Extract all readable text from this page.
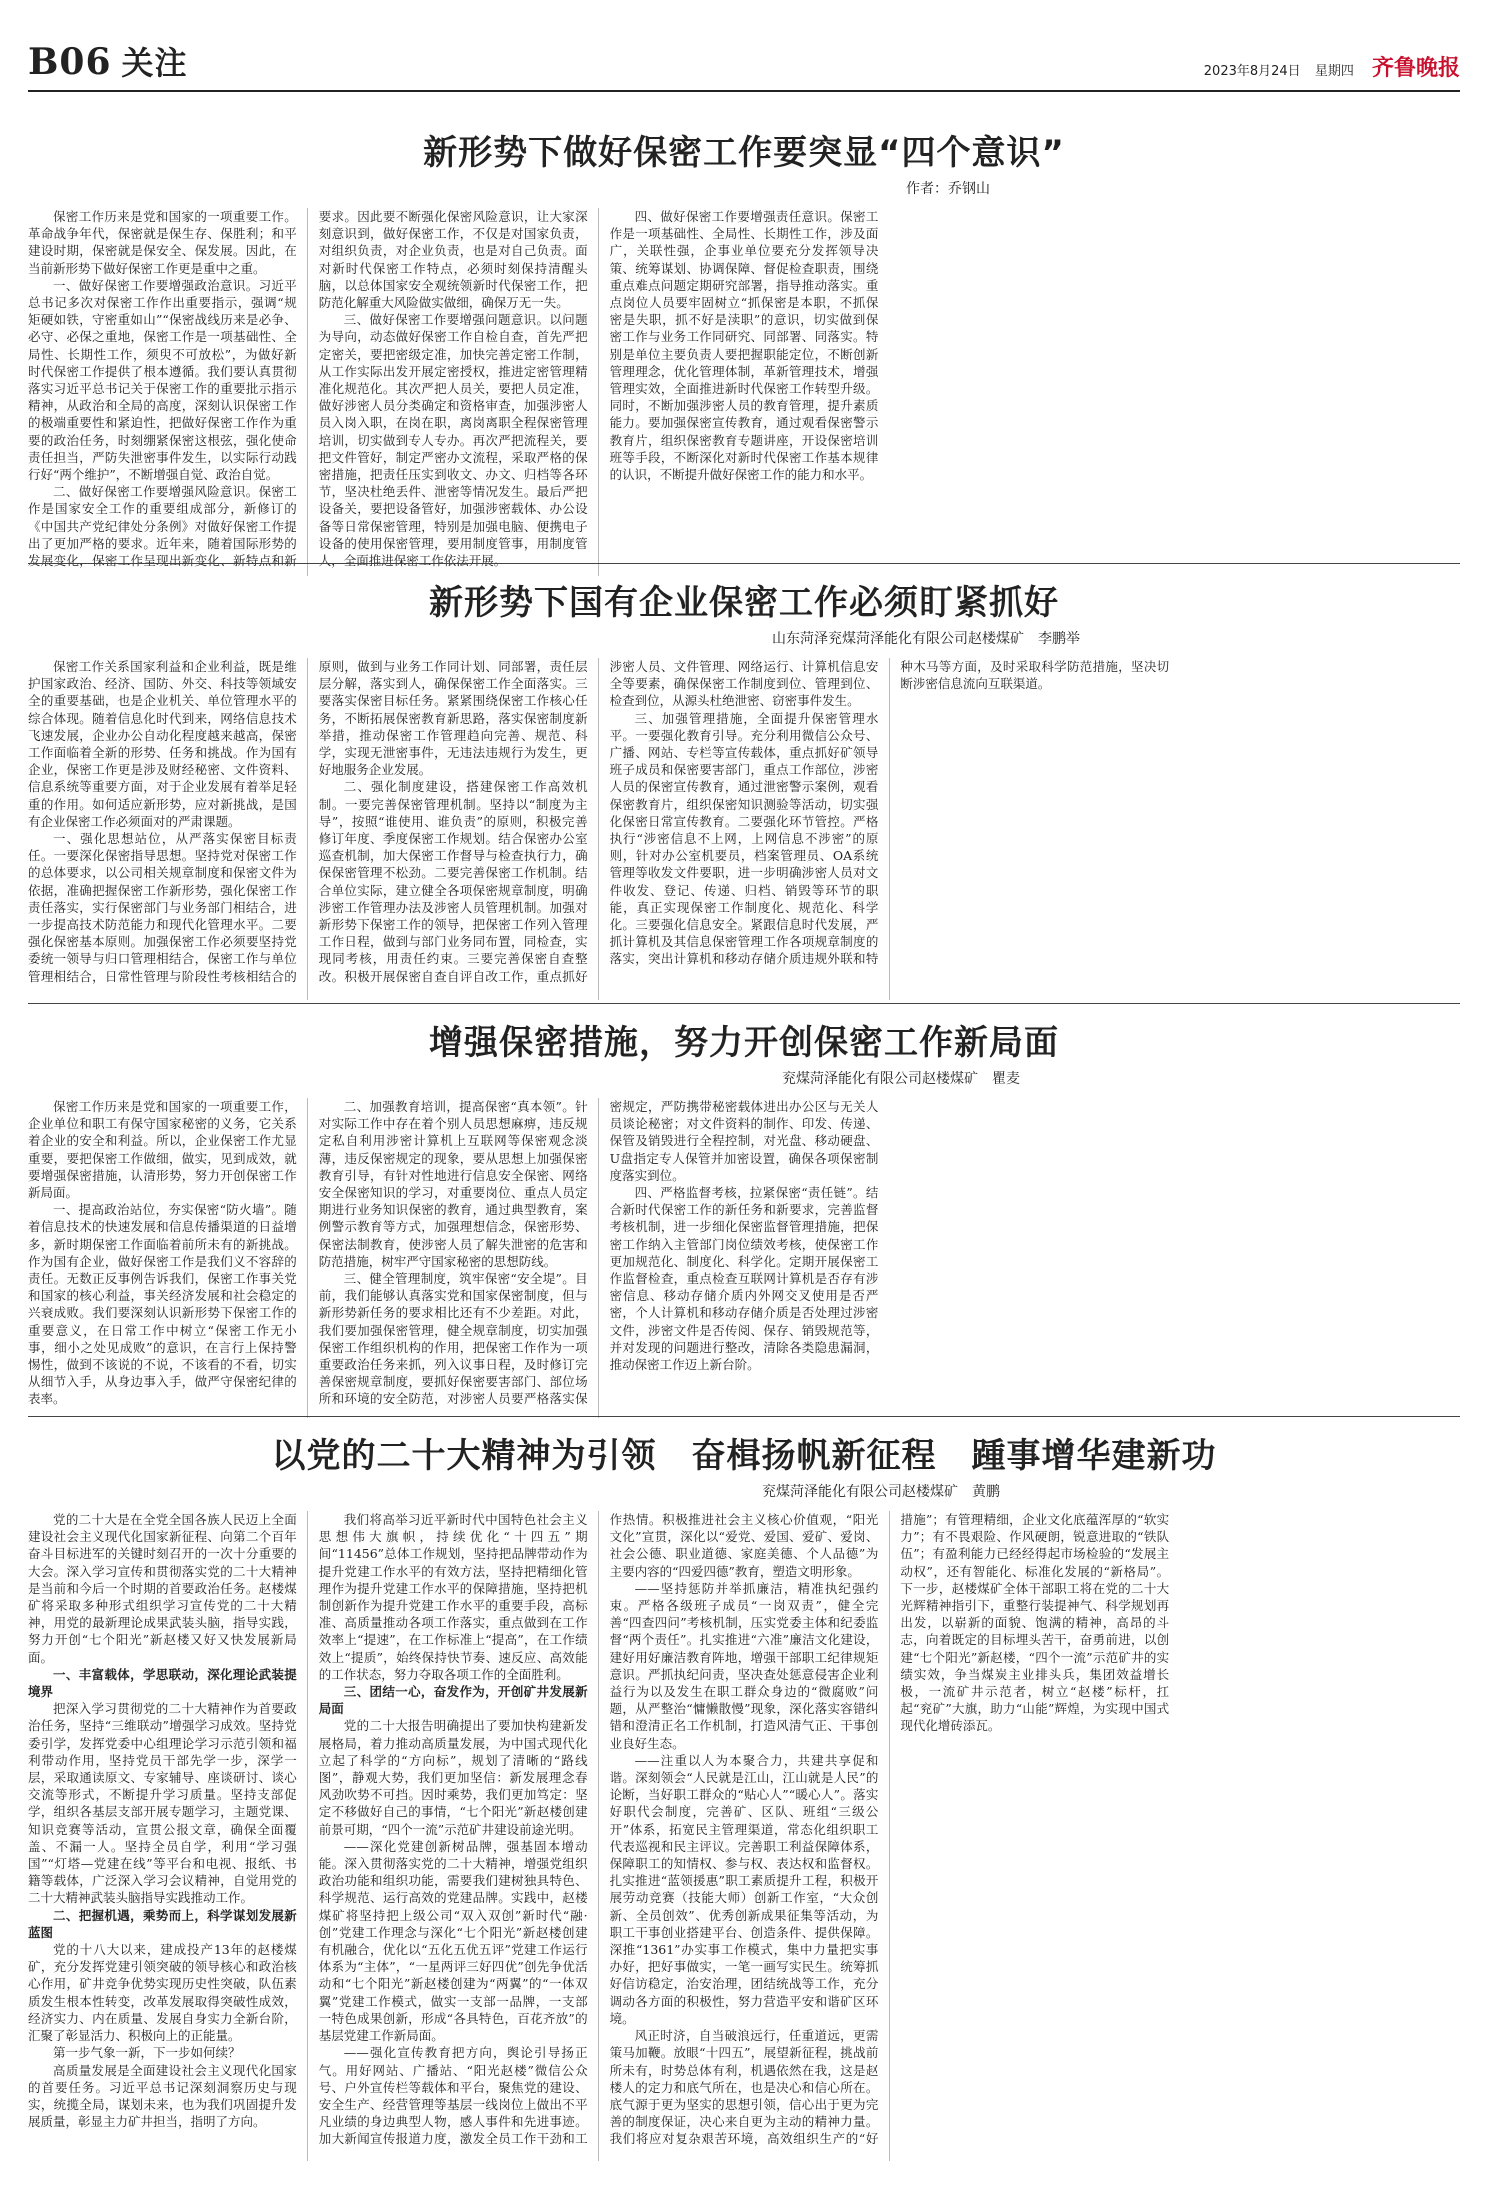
B06 关注	2023年8月24日 星期四 齐鲁晚报
新形势下做好保密工作要突显“四个意识”
作者：乔钢山

保密工作历来是党和国家的一项重要工作。革命战争年代，保密就是保生存、保胜利；和平建设时期，保密就是保安全、保发展。因此，在当前新形势下做好保密工作更是重中之重。

一、做好保密工作要增强政治意识。习近平总书记多次对保密工作作出重要指示，强调“规矩硬如铁，守密重如山”“保密战线历来是必争、必守、必保之重地，保密工作是一项基础性、全局性、长期性工作，须臾不可放松”，为做好新时代保密工作提供了根本遵循。我们要认真贯彻落实习近平总书记关于保密工作的重要批示指示精神，从政治和全局的高度，深刻认识保密工作的极端重要性和紧迫性，把做好保密工作作为重要的政治任务，时刻绷紧保密这根弦，强化使命责任担当，严防失泄密事件发生，以实际行动践行好“两个维护”，不断增强自觉、政治自觉。

二、做好保密工作要增强风险意识。保密工作是国家安全工作的重要组成部分，新修订的《中国共产党纪律处分条例》对做好保密工作提出了更加严格的要求。近年来，随着国际形势的发展变化，保密工作呈现出新变化、新特点和新要求。因此要不断强化保密风险意识，让大家深刻意识到，做好保密工作，不仅是对国家负责，对组织负责，对企业负责，也是对自己负责。面对新时代保密工作特点，必须时刻保持清醒头脑，以总体国家安全观统领新时代保密工作，把防范化解重大风险做实做细，确保万无一失。

三、做好保密工作要增强问题意识。以问题为导向，动态做好保密工作自检自查，首先严把定密关，要把密级定准，加快完善定密工作制，从工作实际出发开展定密授权，推进定密管理精准化规范化。其次严把人员关，要把人员定准，做好涉密人员分类确定和资格审查，加强涉密人员入岗入职，在岗在职，离岗离职全程保密管理培训，切实做到专人专办。再次严把流程关，要把文件管好，制定严密办文流程，采取严格的保密措施，把责任压实到收文、办文、归档等各环节，坚决杜绝丢件、泄密等情况发生。最后严把设备关，要把设备管好，加强涉密载体、办公设备等日常保密管理，特别是加强电脑、便携电子设备的使用保密管理，要用制度管事，用制度管人，全面推进保密工作依法开展。

四、做好保密工作要增强责任意识。保密工作是一项基础性、全局性、长期性工作，涉及面广，关联性强，企事业单位要充分发挥领导决策、统筹谋划、协调保障、督促检查职责，围绕重点难点问题定期研究部署，指导推动落实。重点岗位人员要牢固树立“抓保密是本职，不抓保密是失职，抓不好是渎职”的意识，切实做到保密工作与业务工作同研究、同部署、同落实。特别是单位主要负责人要把握职能定位，不断创新管理理念，优化管理体制，革新管理技术，增强管理实效，全面推进新时代保密工作转型升级。同时，不断加强涉密人员的教育管理，提升素质能力。要加强保密宣传教育，通过观看保密警示教育片，组织保密教育专题讲座，开设保密培训班等手段，不断深化对新时代保密工作基本规律的认识，不断提升做好保密工作的能力和水平。

新形势下国有企业保密工作必须盯紧抓好
山东菏泽兖煤菏泽能化有限公司赵楼煤矿　李鹏举

保密工作关系国家利益和企业利益，既是维护国家政治、经济、国防、外交、科技等领域安全的重要基础，也是企业机关、单位管理水平的综合体现。随着信息化时代到来，网络信息技术飞速发展，企业办公自动化程度越来越高，保密工作面临着全新的形势、任务和挑战。作为国有企业，保密工作更是涉及财经秘密、文件资料、信息系统等重要方面，对于企业发展有着举足轻重的作用。如何适应新形势，应对新挑战，是国有企业保密工作必须面对的严肃课题。

一、强化思想站位，从严落实保密目标责任。一要深化保密指导思想。坚持党对保密工作的总体要求，以公司相关规章制度和保密文件为依据，准确把握保密工作新形势，强化保密工作责任落实，实行保密部门与业务部门相结合，进一步提高技术防范能力和现代化管理水平。二要强化保密基本原则。加强保密工作必须要坚持党委统一领导与归口管理相结合，保密工作与单位管理相结合，日常性管理与阶段性考核相结合的原则，做到与业务工作同计划、同部署，责任层层分解，落实到人，确保保密工作全面落实。三要落实保密目标任务。紧紧围绕保密工作核心任务，不断拓展保密教育新思路，落实保密制度新举措，推动保密工作管理趋向完善、规范、科学，实现无泄密事件，无违法违规行为发生，更好地服务企业发展。

二、强化制度建设，搭建保密工作高效机制。一要完善保密管理机制。坚持以“制度为主导”，按照“谁使用、谁负责”的原则，积极完善修订年度、季度保密工作规划。结合保密办公室巡查机制，加大保密工作督导与检查执行力，确保保密管理不松劲。二要完善保密工作机制。结合单位实际，建立健全各项保密规章制度，明确涉密工作管理办法及涉密人员管理机制。加强对新形势下保密工作的领导，把保密工作列入管理工作日程，做到与部门业务同布置，同检查，实现同考核，用责任约束。三要完善保密自查整改。积极开展保密自查自评自改工作，重点抓好涉密人员、文件管理、网络运行、计算机信息安全等要素，确保保密工作制度到位、管理到位、检查到位，从源头杜绝泄密、窃密事件发生。

三、加强管理措施，全面提升保密管理水平。一要强化教育引导。充分利用微信公众号、广播、网站、专栏等宣传载体，重点抓好矿领导班子成员和保密要害部门，重点工作部位，涉密人员的保密宣传教育，通过泄密警示案例，观看保密教育片，组织保密知识测验等活动，切实强化保密日常宣传教育。二要强化环节管控。严格执行“涉密信息不上网，上网信息不涉密”的原则，针对办公室机要员，档案管理员、OA系统管理等收发文件要职，进一步明确涉密人员对文件收发、登记、传递、归档、销毁等环节的职能，真正实现保密工作制度化、规范化、科学化。三要强化信息安全。紧跟信息时代发展，严抓计算机及其信息保密管理工作各项规章制度的落实，突出计算机和移动存储介质违规外联和特种木马等方面，及时采取科学防范措施，坚决切断涉密信息流向互联渠道。

增强保密措施，努力开创保密工作新局面
兖煤菏泽能化有限公司赵楼煤矿　瞿麦

保密工作历来是党和国家的一项重要工作，企业单位和职工有保守国家秘密的义务，它关系着企业的安全和利益。所以，企业保密工作尤显重要，要把保密工作做细，做实，见到成效，就要增强保密措施，认清形势，努力开创保密工作新局面。

一、提高政治站位，夯实保密“防火墙”。随着信息技术的快速发展和信息传播渠道的日益增多，新时期保密工作面临着前所未有的新挑战。作为国有企业，做好保密工作是我们义不容辞的责任。无数正反事例告诉我们，保密工作事关党和国家的核心利益，事关经济发展和社会稳定的兴衰成败。我们要深刻认识新形势下保密工作的重要意义，在日常工作中树立“保密工作无小事，细小之处见成败”的意识，在言行上保持警惕性，做到不该说的不说，不该看的不看，切实从细节入手，从身边事入手，做严守保密纪律的表率。

二、加强教育培训，提高保密“真本领”。针对实际工作中存在着个别人员思想麻痹，违反规定私自利用涉密计算机上互联网等保密观念淡薄，违反保密规定的现象，要从思想上加强保密教育引导，有针对性地进行信息安全保密、网络安全保密知识的学习，对重要岗位、重点人员定期进行业务知识保密的教育，通过典型教育，案例警示教育等方式，加强理想信念，保密形势、保密法制教育，使涉密人员了解失泄密的危害和防范措施，树牢严守国家秘密的思想防线。

三、健全管理制度，筑牢保密“安全堤”。目前，我们能够认真落实党和国家保密制度，但与新形势新任务的要求相比还有不少差距。对此，我们要加强保密管理，健全规章制度，切实加强保密工作组织机构的作用，把保密工作作为一项重要政治任务来抓，列入议事日程，及时修订完善保密规章制度，要抓好保密要害部门、部位场所和环境的安全防范，对涉密人员要严格落实保密规定，严防携带秘密载体进出办公区与无关人员谈论秘密；对文件资料的制作、印发、传递、保管及销毁进行全程控制，对光盘、移动硬盘、U盘指定专人保管并加密设置，确保各项保密制度落实到位。

四、严格监督考核，拉紧保密“责任链”。结合新时代保密工作的新任务和新要求，完善监督考核机制，进一步细化保密监督管理措施，把保密工作纳入主管部门岗位绩效考核，使保密工作更加规范化、制度化、科学化。定期开展保密工作监督检查，重点检查互联网计算机是否存有涉密信息、移动存储介质内外网交叉使用是否严密，个人计算机和移动存储介质是否处理过涉密文件，涉密文件是否传阅、保存、销毁规范等，并对发现的问题进行整改，清除各类隐患漏洞，推动保密工作迈上新台阶。

以党的二十大精神为引领　奋楫扬帆新征程　踵事增华建新功
兖煤菏泽能化有限公司赵楼煤矿　黄鹏

党的二十大是在全党全国各族人民迈上全面建设社会主义现代化国家新征程、向第二个百年奋斗目标进军的关键时刻召开的一次十分重要的大会。深入学习宣传和贯彻落实党的二十大精神是当前和今后一个时期的首要政治任务。赵楼煤矿将采取多种形式组织学习宣传党的二十大精神，用党的最新理论成果武装头脑，指导实践，努力开创“七个阳光”新赵楼又好又快发展新局面。

一、丰富载体，学思联动，深化理论武装提境界

把深入学习贯彻党的二十大精神作为首要政治任务，坚持“三维联动”增强学习成效。坚持党委引学，发挥党委中心组理论学习示范引领和福利带动作用，坚持党员干部先学一步，深学一层，采取通读原文、专家辅导、座谈研讨、谈心交流等形式，不断提升学习质量。坚持支部促学，组织各基层支部开展专题学习，主题党课、知识竞赛等活动，宣贯公报文章，确保全面覆盖、不漏一人。坚持全员自学，利用“学习强国”“灯塔—党建在线”等平台和电视、报纸、书籍等载体，广泛深入学习会议精神，自觉用党的二十大精神武装头脑指导实践推动工作。

二、把握机遇，乘势而上，科学谋划发展新蓝图

党的十八大以来，建成投产13年的赵楼煤矿，充分发挥党建引领突破的领导核心和政治核心作用，矿井竞争优势实现历史性突破，队伍素质发生根本性转变，改革发展取得突破性成效，经济实力、内在质量、发展自身实力全新台阶，汇聚了彰显活力、积极向上的正能量。

第一步气象一新，下一步如何续？

高质量发展是全面建设社会主义现代化国家的首要任务。习近平总书记深刻洞察历史与现实，统揽全局，谋划未来，也为我们巩固提升发展质量，彰显主力矿井担当，指明了方向。

我们将高举习近平新时代中国特色社会主义思想伟大旗帜，持续优化“十四五”期间“11456”总体工作规划，坚持把品牌带动作为提升党建工作水平的有效方法，坚持把精细化管理作为提升党建工作水平的保障措施，坚持把机制创新作为提升党建工作水平的重要手段，高标准、高质量推动各项工作落实，重点做到在工作效率上“提速”，在工作标准上“提高”，在工作绩效上“提质”，始终保持快节奏、速反应、高效能的工作状态，努力夺取各项工作的全面胜利。

三、团结一心，奋发作为，开创矿井发展新局面

党的二十大报告明确提出了要加快构建新发展格局，着力推动高质量发展，为中国式现代化立起了科学的“方向标”，规划了清晰的“路线图”，静观大势，我们更加坚信：新发展理念春风劲吹势不可挡。因时乘势，我们更加笃定：坚定不移做好自己的事情，“七个阳光”新赵楼创建前景可期，“四个一流”示范矿井建设前途光明。

——深化党建创新树品牌，强基固本增动能。深入贯彻落实党的二十大精神，增强党组织政治功能和组织功能，需要我们建树独具特色、科学规范、运行高效的党建品牌。实践中，赵楼煤矿将坚持把上级公司“双入双创”新时代“融·创”党建工作理念与深化“七个阳光”新赵楼创建有机融合，优化以“五化五优五评”党建工作运行体系为“主体”，“一星两评三好四优”创先争优活动和“七个阳光”新赵楼创建为“两翼”的“一体双翼”党建工作模式，做实一支部一品牌，一支部一特色成果创新，形成“各具特色，百花齐放”的基层党建工作新局面。

——强化宣传教育把方向，舆论引导扬正气。用好网站、广播站、“阳光赵楼”微信公众号、户外宣传栏等载体和平台，聚焦党的建设、安全生产、经营管理等基层一线岗位上做出不平凡业绩的身边典型人物，感人事件和先进事迹。加大新闻宣传报道力度，激发全员工作干劲和工作热情。积极推进社会主义核心价值观，“阳光文化”宣贯，深化以“爱党、爱国、爱矿、爱岗、社会公德、职业道德、家庭美德、个人品德”为主要内容的“四爱四德”教育，塑造文明形象。

——坚持惩防并举抓廉洁，精准执纪强约束。严格各级班子成员“一岗双责”，健全完善“四查四问”考核机制，压实党委主体和纪委监督“两个责任”。扎实推进“六准”廉洁文化建设，建好用好廉洁教育阵地，增强干部职工纪律规矩意识。严抓执纪问责，坚决查处惩意侵害企业利益行为以及发生在职工群众身边的“微腐败”问题，从严整治“慵懒散慢”现象，深化落实容错纠错和澄清正名工作机制，打造风清气正、干事创业良好生态。

——注重以人为本聚合力，共建共享促和谐。深刻领会“人民就是江山，江山就是人民”的论断，当好职工群众的“贴心人”“暖心人”。落实好职代会制度，完善矿、区队、班组“三级公开”体系，拓宽民主管理渠道，常态化组织职工代表巡视和民主评议。完善职工利益保障体系，保障职工的知情权、参与权、表达权和监督权。扎实推进“蓝领援惠”职工素质提升工程，积极开展劳动竞赛（技能大师）创新工作室，“大众创新、全员创效”、优秀创新成果征集等活动，为职工干事创业搭建平台、创造条件、提供保障。深推“1361”办实事工作模式，集中力量把实事办好，把好事做实，一笔一画写实民生。统筹抓好信访稳定，治安治理，团结统战等工作，充分调动各方面的积极性，努力营造平安和谐矿区环境。

风正时济，自当破浪远行，任重道远，更需策马加鞭。放眼“十四五”，展望新征程，挑战前所未有，时势总体有利，机遇依然在我，这是赵楼人的定力和底气所在，也是决心和信心所在。底气源于更为坚实的思想引领，信心出于更为完善的制度保证，决心来自更为主动的精神力量。我们将应对复杂艰苦环境，高效组织生产的“好措施”；有管理精细，企业文化底蕴浑厚的“软实力”；有不畏艰险、作风硬朗，锐意进取的“铁队伍”；有盈利能力已经经得起市场检验的“发展主动权”，还有智能化、标准化发展的“新格局”。下一步，赵楼煤矿全体干部职工将在党的二十大光辉精神指引下，重整行装提神气、科学规划再出发，以崭新的面貌、饱满的精神，高昂的斗志，向着既定的目标埋头苦干，奋勇前进，以创建“七个阳光”新赵楼，“四个一流”示范矿井的实绩实效，争当煤炭主业排头兵，集团效益增长极，一流矿井示范者，树立“赵楼”标杆，扛起“兖矿”大旗，助力“山能”辉煌，为实现中国式现代化增砖添瓦。
